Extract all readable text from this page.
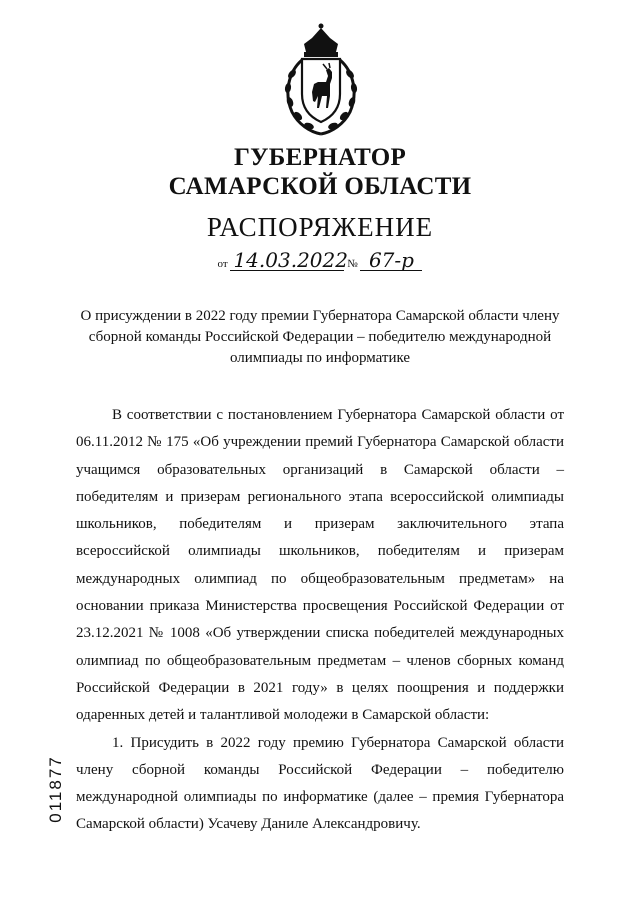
ГУБЕРНАТОР
САМАРСКОЙ ОБЛАСТИ
РАСПОРЯЖЕНИЕ
от 14.03.2022 № 67-р
О присуждении в 2022 году премии Губернатора Самарской области члену сборной команды Российской Федерации – победителю международной олимпиады по информатике

В соответствии с постановлением Губернатора Самарской области от 06.11.2012 № 175 «Об учреждении премий Губернатора Самарской области учащимся образовательных организаций в Самарской области – победителям и призерам регионального этапа всероссийской олимпиады школьников, победителям и призерам заключительного этапа всероссийской олимпиады школьников, победителям и призерам международных олимпиад по общеобразовательным предметам» на основании приказа Министерства просвещения Российской Федерации от 23.12.2021 № 1008 «Об утверждении списка победителей международных олимпиад по общеобразовательным предметам – членов сборных команд Российской Федерации в 2021 году» в целях поощрения и поддержки одаренных детей и талантливой молодежи в Самарской области:

1. Присудить в 2022 году премию Губернатора Самарской области члену сборной команды Российской Федерации – победителю международной олимпиады по информатике (далее – премия Губернатора Самарской области) Усачеву Даниле Александровичу.

011877
